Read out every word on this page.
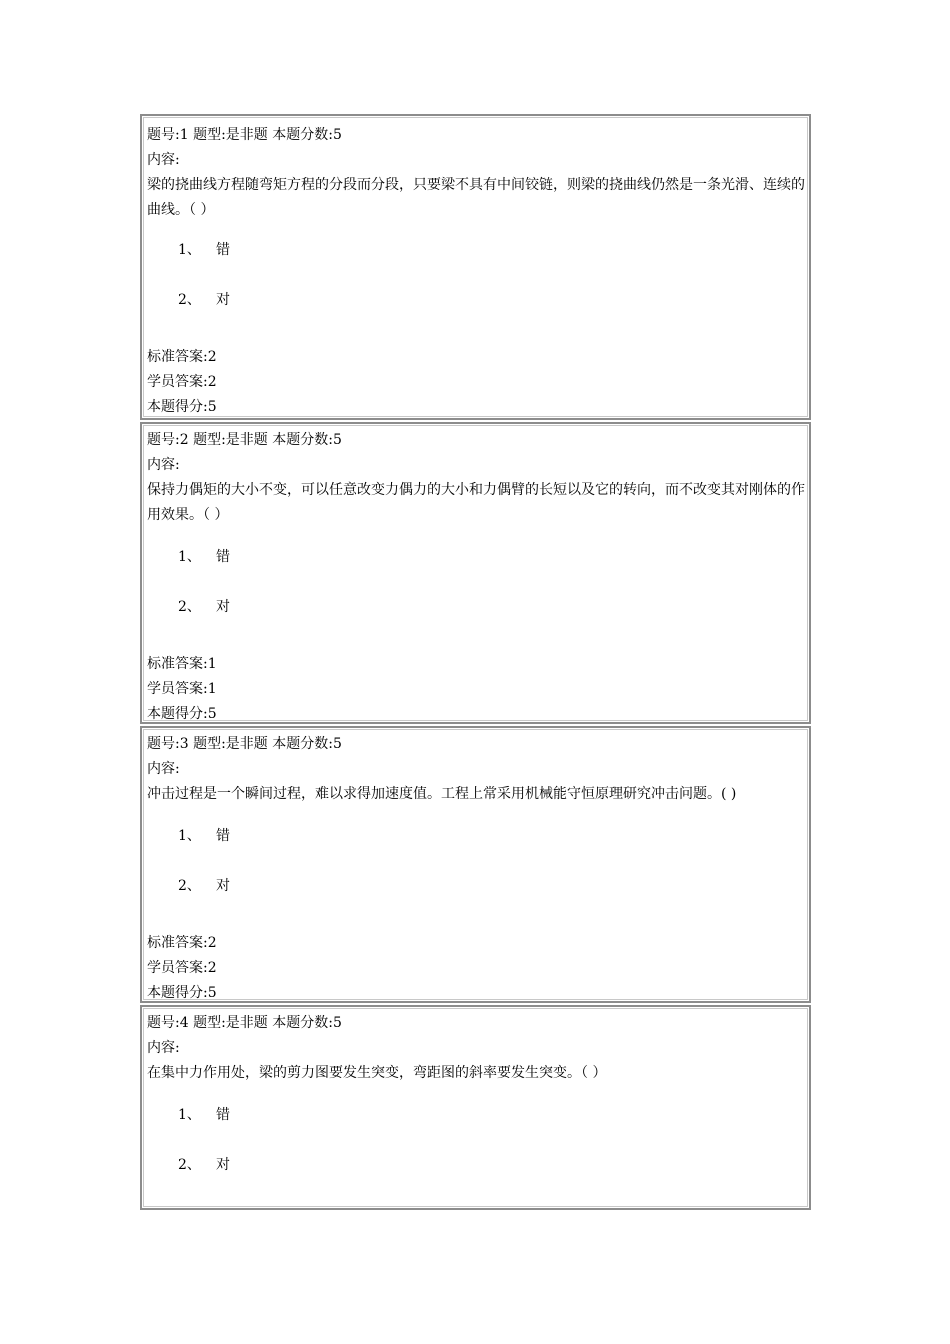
题号:1 题型:是非题 本题分数:5
内容:
梁的挠曲线方程随弯矩方程的分段而分段，只要梁不具有中间铰链，则梁的挠曲线仍然是一条光滑、连续的曲线。（ ）
1、 错
2、 对
标准答案:2
学员答案:2
本题得分:5
题号:2 题型:是非题 本题分数:5
内容:
保持力偶矩的大小不变，可以任意改变力偶力的大小和力偶臂的长短以及它的转向，而不改变其对刚体的作用效果。（ ）
1、 错
2、 对
标准答案:1
学员答案:1
本题得分:5
题号:3 题型:是非题 本题分数:5
内容:
冲击过程是一个瞬间过程，难以求得加速度值。工程上常采用机械能守恒原理研究冲击问题。( )
1、 错
2、 对
标准答案:2
学员答案:2
本题得分:5
题号:4 题型:是非题 本题分数:5
内容:
在集中力作用处，梁的剪力图要发生突变，弯距图的斜率要发生突变。（ ）
1、 错
2、 对
